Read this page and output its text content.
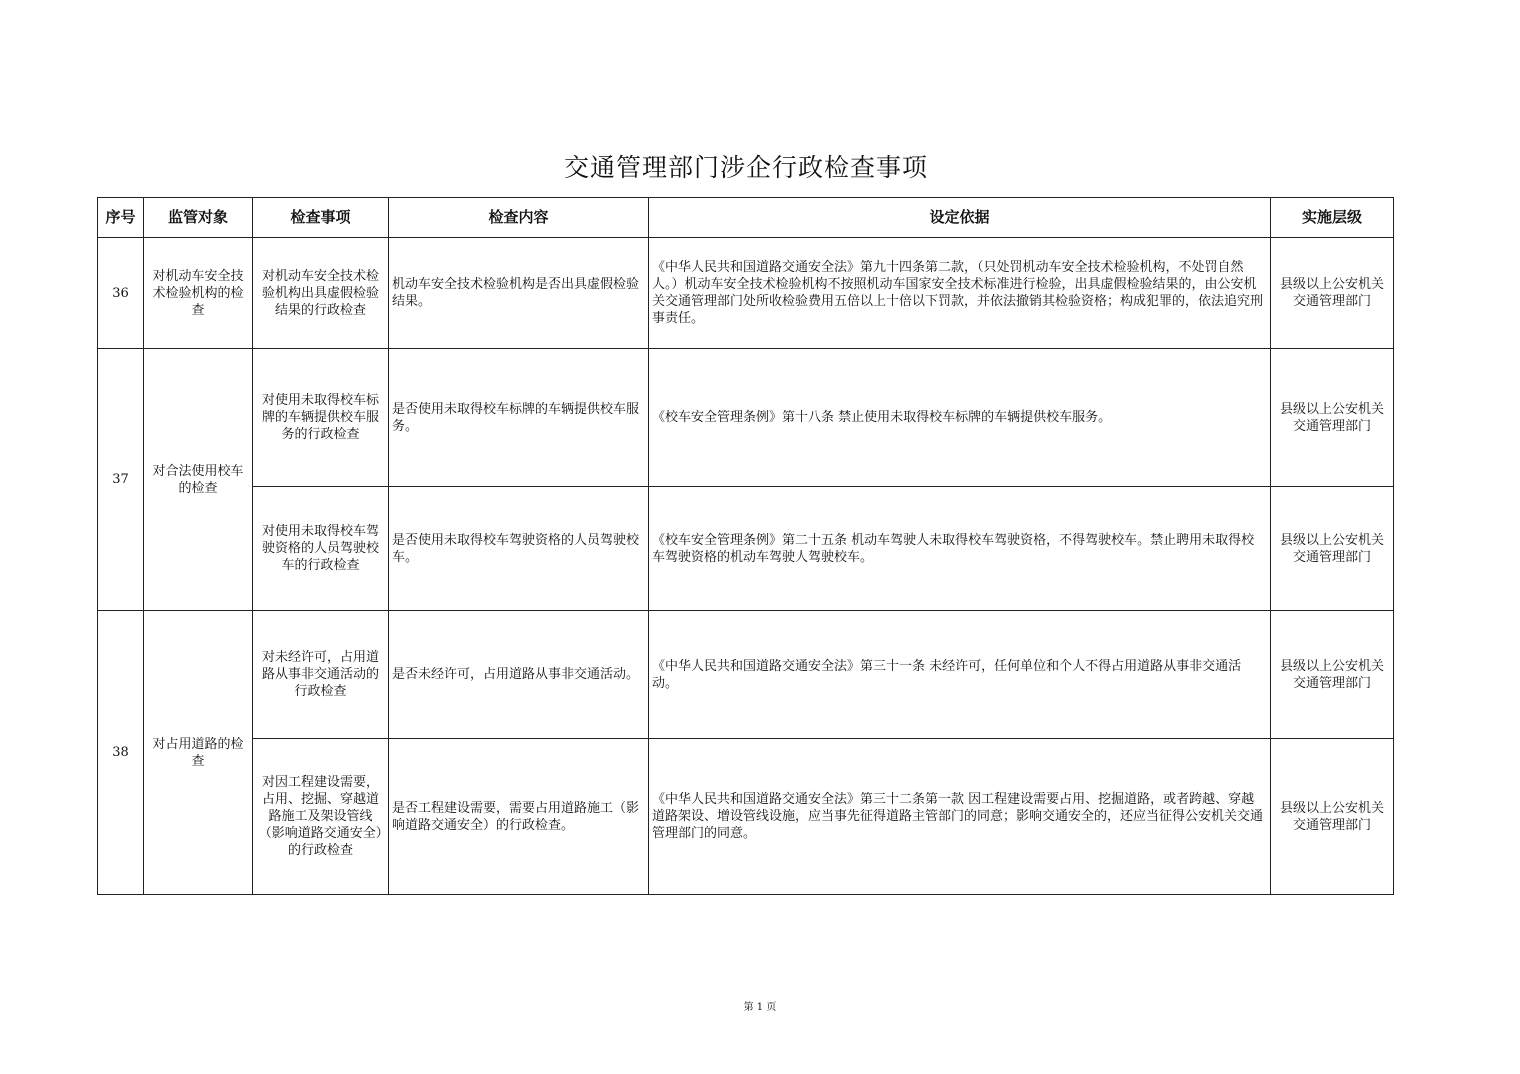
交通管理部门涉企行政检查事项
序号	监管对象	检查事项	检查内容	设定依据	实施层级
36	对机动车安全技术检验机构的检查	对机动车安全技术检验机构出具虚假检验结果的行政检查	机动车安全技术检验机构是否出具虚假检验结果。	《中华人民共和国道路交通安全法》第九十四条第二款，（只处罚机动车安全技术检验机构，不处罚自然人。）机动车安全技术检验机构不按照机动车国家安全技术标准进行检验，出具虚假检验结果的，由公安机关交通管理部门处所收检验费用五倍以上十倍以下罚款，并依法撤销其检验资格；构成犯罪的，依法追究刑事责任。	县级以上公安机关交通管理部门
37	对合法使用校车的检查	对使用未取得校车标牌的车辆提供校车服务的行政检查	是否使用未取得校车标牌的车辆提供校车服务。	《校车安全管理条例》第十八条 禁止使用未取得校车标牌的车辆提供校车服务。	县级以上公安机关交通管理部门
		对使用未取得校车驾驶资格的人员驾驶校车的行政检查	是否使用未取得校车驾驶资格的人员驾驶校车。	《校车安全管理条例》第二十五条 机动车驾驶人未取得校车驾驶资格，不得驾驶校车。禁止聘用未取得校车驾驶资格的机动车驾驶人驾驶校车。	县级以上公安机关交通管理部门
38	对占用道路的检查	对未经许可，占用道路从事非交通活动的行政检查	是否未经许可，占用道路从事非交通活动。	《中华人民共和国道路交通安全法》第三十一条 未经许可，任何单位和个人不得占用道路从事非交通活动。	县级以上公安机关交通管理部门
		对因工程建设需要，占用、挖掘、穿越道路施工及架设管线（影响道路交通安全）的行政检查	是否工程建设需要，需要占用道路施工（影响道路交通安全）的行政检查。	《中华人民共和国道路交通安全法》第三十二条第一款 因工程建设需要占用、挖掘道路，或者跨越、穿越道路架设、增设管线设施，应当事先征得道路主管部门的同意；影响交通安全的，还应当征得公安机关交通管理部门的同意。	县级以上公安机关交通管理部门
第 1 页
